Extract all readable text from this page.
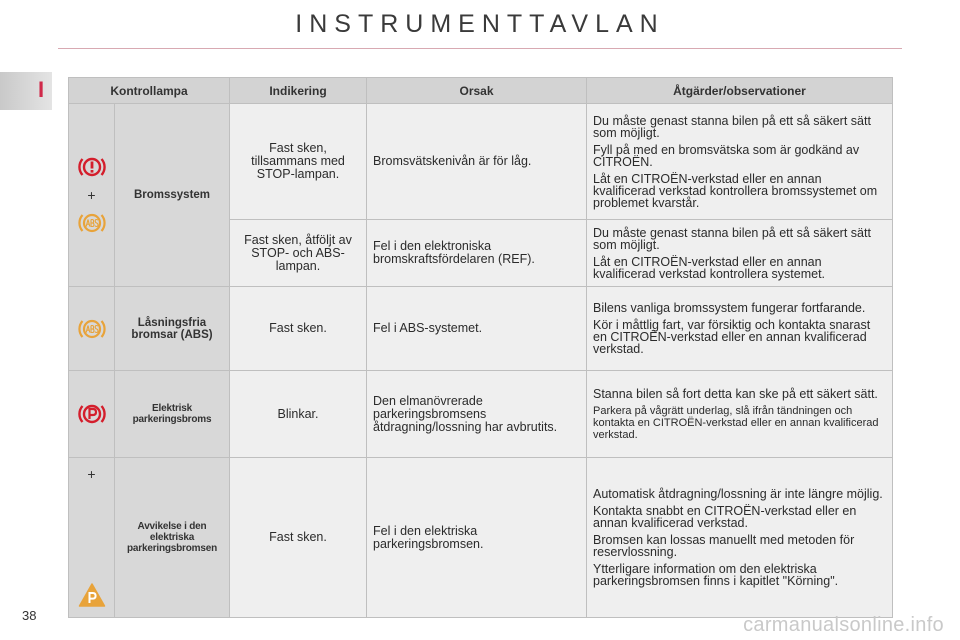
INSTRUMENTTAVLAN
I	Kontrollampa		Indikering	Orsak	Åtgärder/observationer

+	Bromssystem	Fast sken, tillsammans med STOP-lampan.	Bromsvätskenivån är för låg.	Du måste genast stanna bilen på ett så säkert sätt som möjligt.

Fyll på med en bromsvätska som är godkänd av CITROËN.

Låt en CITROËN-verkstad eller en annan kvalificerad verkstad kontrollera bromssystemet om problemet kvarstår.

		Fast sken, åtföljt av STOP- och ABS-lampan.	Fel i den elektroniska bromskraftsfördelaren (REF).	Du måste genast stanna bilen på ett så säkert sätt som möjligt.

Låt en CITROËN-verkstad eller en annan kvalificerad verkstad kontrollera systemet.

	Låsningsfria bromsar (ABS)	Fast sken.	Fel i ABS-systemet.	Bilens vanliga bromssystem fungerar fortfarande.

Kör i måttlig fart, var försiktig och kontakta snarast en CITROËN-verkstad eller en annan kvalificerad verkstad.

	Elektrisk parkeringsbroms	Blinkar.	Den elmanövrerade parkeringsbromsens åtdragning/lossning har avbrutits.	Stanna bilen så fort detta kan ske på ett säkert sätt.

Parkera på vågrätt underlag, slå ifrån tändningen och kontakta en CITROËN-verkstad eller en annan kvalificerad verkstad.

+	Avvikelse i den elektriska parkeringsbromsen	Fast sken.	Fel i den elektriska parkeringsbromsen.	Automatisk åtdragning/lossning är inte längre möjlig.

Kontakta snabbt en CITROËN-verkstad eller en annan kvalificerad verkstad.

Bromsen kan lossas manuellt med metoden för reservlossning.

Ytterligare information om den elektriska parkeringsbromsen finns i kapitlet "Körning".

38	carmanualsonline.info
